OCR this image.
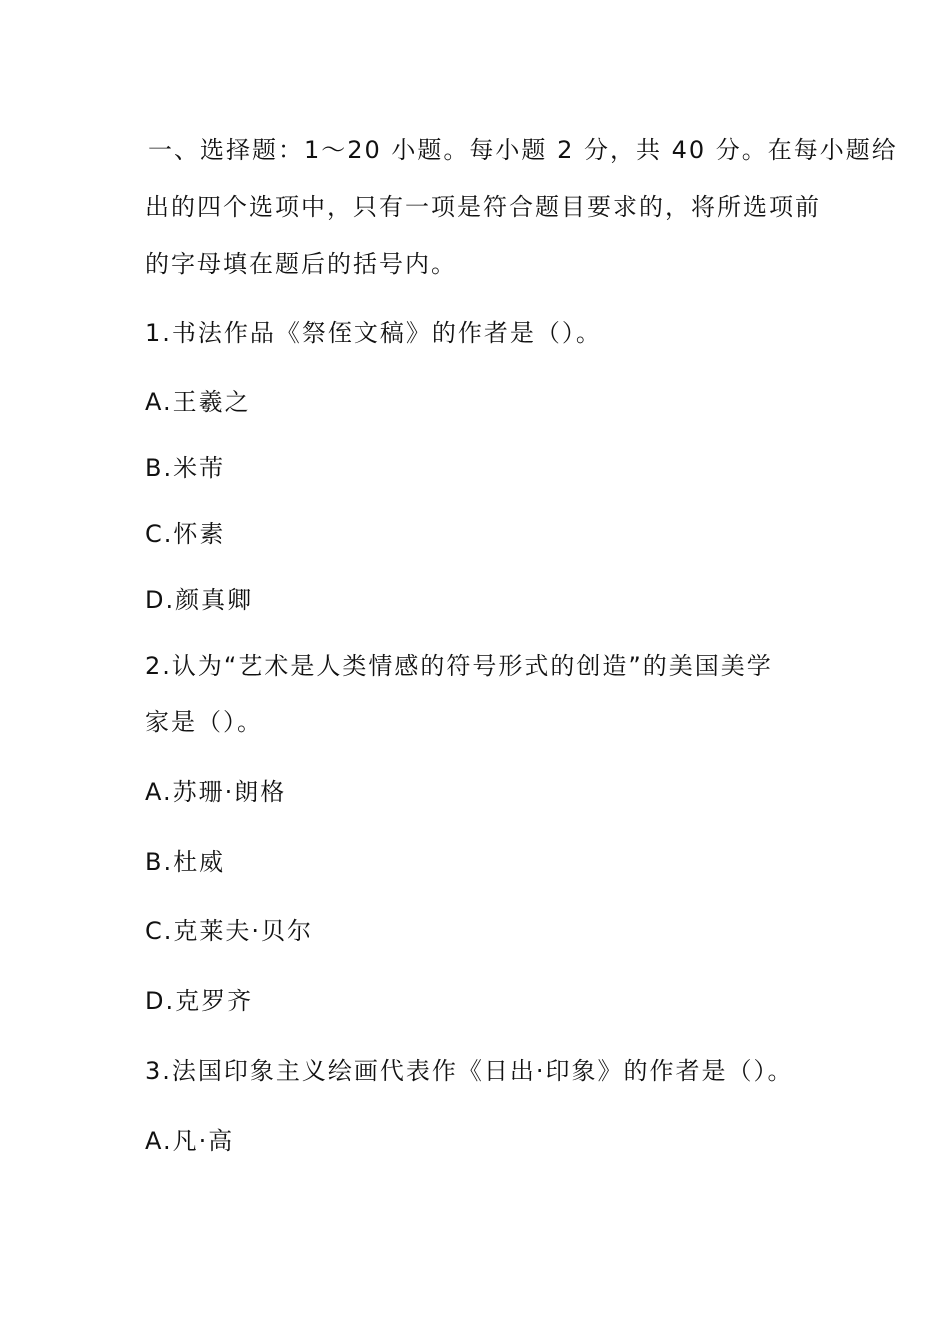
一、选择题：1～20 小题。每小题 2 分，共 40 分。在每小题给

出的四个选项中，只有一项是符合题目要求的，将所选项前

的字母填在题后的括号内。

1.书法作品《祭侄文稿》的作者是（）。

A.王羲之

B.米芾

C.怀素

D.颜真卿

2.认为“艺术是人类情感的符号形式的创造”的美国美学

家是（）。

A.苏珊·朗格

B.杜威

C.克莱夫·贝尔

D.克罗齐

3.法国印象主义绘画代表作《日出·印象》的作者是（）。

A.凡·高
